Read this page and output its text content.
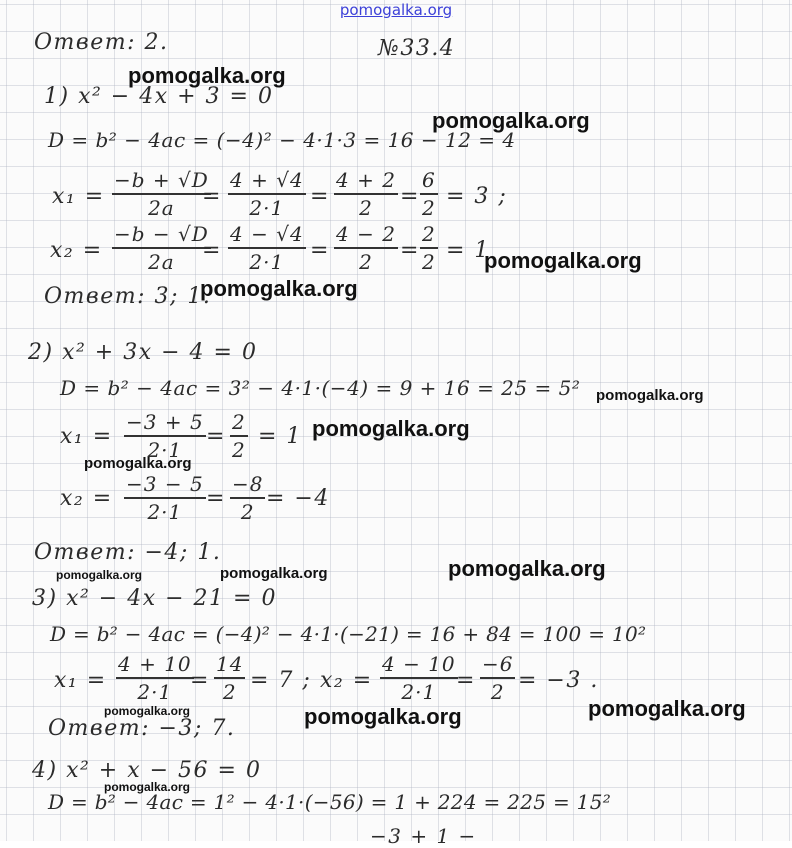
pomogalka.org
Ответ: 2.	№33.4
1) x² − 4x + 3 = 0
D = b² − 4ac = (−4)² − 4·1·3 = 16 − 12 = 4
$x_1 = \frac{-b + √D}{2a}$
= $\frac{4 + √4}{2\cdot 1} = \frac{4 + 2}{2} = \frac{6}{2} = 3$ ;
$x_2 = \frac{-b - √D}{2a}$
= $\frac{4 - √4}{2\cdot 1} = \frac{4 - 2}{2} = \frac{2}{2} = 1$
Ответ: 3; 1.
2) x² + 3x − 4 = 0
D = b² − 4ac = 3² − 4·1·(−4) = 9 + 16 = 25 = 5²
$x_1 = \frac{-3 + 5}{2\cdot 1} = \frac{2}{2} = 1$
$x_2 = \frac{-3 - 5}{2\cdot 1} = \frac{-8}{2} = -4$
Ответ: −4; 1.
3) x² − 4x − 21 = 0
D = b² − 4ac = (−4)² − 4·1·(−21) = 16 + 84 = 100 = 10²
$x_1 = \frac{4 + 10}{2\cdot 1}$
= $\frac{14}{2} = 7$ ; $x_2 = \frac{4 - 10}{2\cdot 1}$
= $\frac{-6}{2} = -3$ .
Ответ: −3; 7.
4) x² + x − 56 = 0
D = b² − 4ac = 1² − 4·1·(−56) = 1 + 224 = 225 = 15²
−3 + 1 −
pomogalka.org
pomogalka.org
pomogalka.org
pomogalka.org
pomogalka.org
pomogalka.org
pomogalka.org
pomogalka.org
pomogalka.org	pomogalka.org
pomogalka.org	pomogalka.org	pomogalka.org
pomogalka.org
